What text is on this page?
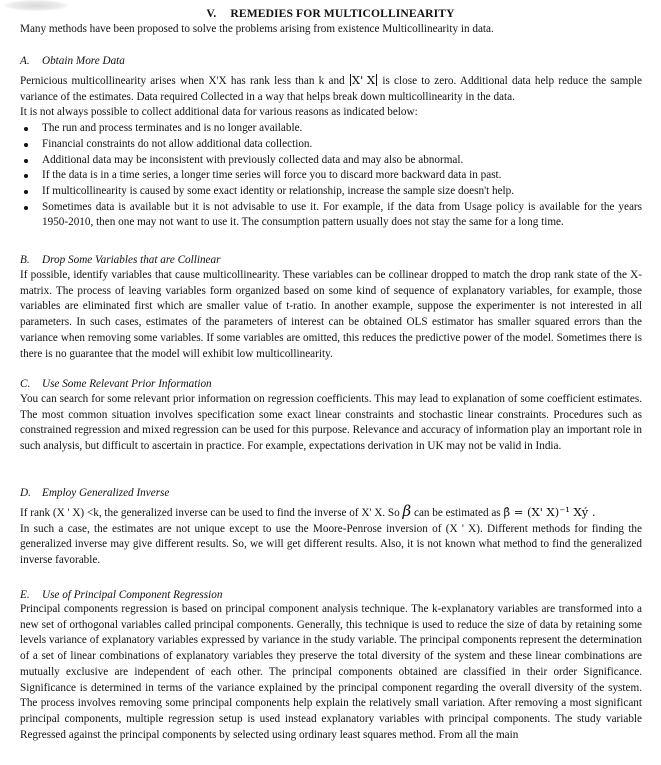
V. REMEDIES FOR MULTICOLLINEARITY

Many methods have been proposed to solve the problems arising from existence Multicollinearity in data.

A. Obtain More Data

Pernicious multicollinearity arises when X'X has rank less than k and X' X is close to zero. Additional data help reduce the sample variance of the estimates. Data required Collected in a way that helps break down multicollinearity in the data.

It is not always possible to collect additional data for various reasons as indicated below:

The run and process terminates and is no longer available.
Financial constraints do not allow additional data collection.
Additional data may be inconsistent with previously collected data and may also be abnormal.
If the data is in a time series, a longer time series will force you to discard more backward data in past.
If multicollinearity is caused by some exact identity or relationship, increase the sample size doesn't help.
Sometimes data is available but it is not advisable to use it. For example, if the data from Usage policy is available for the years 1950-2010, then one may not want to use it. The consumption pattern usually does not stay the same for a long time.
B. Drop Some Variables that are Collinear

If possible, identify variables that cause multicollinearity. These variables can be collinear dropped to match the drop rank state of the X- matrix. The process of leaving variables form organized based on some kind of sequence of explanatory variables, for example, those variables are eliminated first which are smaller value of t-ratio. In another example, suppose the experimenter is not interested in all parameters. In such cases, estimates of the parameters of interest can be obtained OLS estimator has smaller squared errors than the variance when removing some variables. If some variables are omitted, this reduces the predictive power of the model. Sometimes there is there is no guarantee that the model will exhibit low multicollinearity.

C. Use Some Relevant Prior Information

You can search for some relevant prior information on regression coefficients. This may lead to explanation of some coefficient estimates. The most common situation involves specification some exact linear constraints and stochastic linear constraints. Procedures such as constrained regression and mixed regression can be used for this purpose. Relevance and accuracy of information play an important role in such analysis, but difficult to ascertain in practice. For example, expectations derivation in UK may not be valid in India.

D. Employ Generalized Inverse

If rank (X ' X) <k, the generalized inverse can be used to find the inverse of X' X. So β can be estimated as β̂ = (X' X)⁻¹ Xý .

In such a case, the estimates are not unique except to use the Moore-Penrose inversion of (X ' X). Different methods for finding the generalized inverse may give different results. So, we will get different results. Also, it is not known what method to find the generalized inverse favorable.

E. Use of Principal Component Regression

Principal components regression is based on principal component analysis technique. The k-explanatory variables are transformed into a new set of orthogonal variables called principal components. Generally, this technique is used to reduce the size of data by retaining some levels variance of explanatory variables expressed by variance in the study variable. The principal components represent the determination of a set of linear combinations of explanatory variables they preserve the total diversity of the system and these linear combinations are mutually exclusive are independent of each other. The principal components obtained are classified in their order Significance. Significance is determined in terms of the variance explained by the principal component regarding the overall diversity of the system. The process involves removing some principal components help explain the relatively small variation. After removing a most significant principal components, multiple regression setup is used instead explanatory variables with principal components. The study variable Regressed against the principal components by selected using ordinary least squares method. From all the main
